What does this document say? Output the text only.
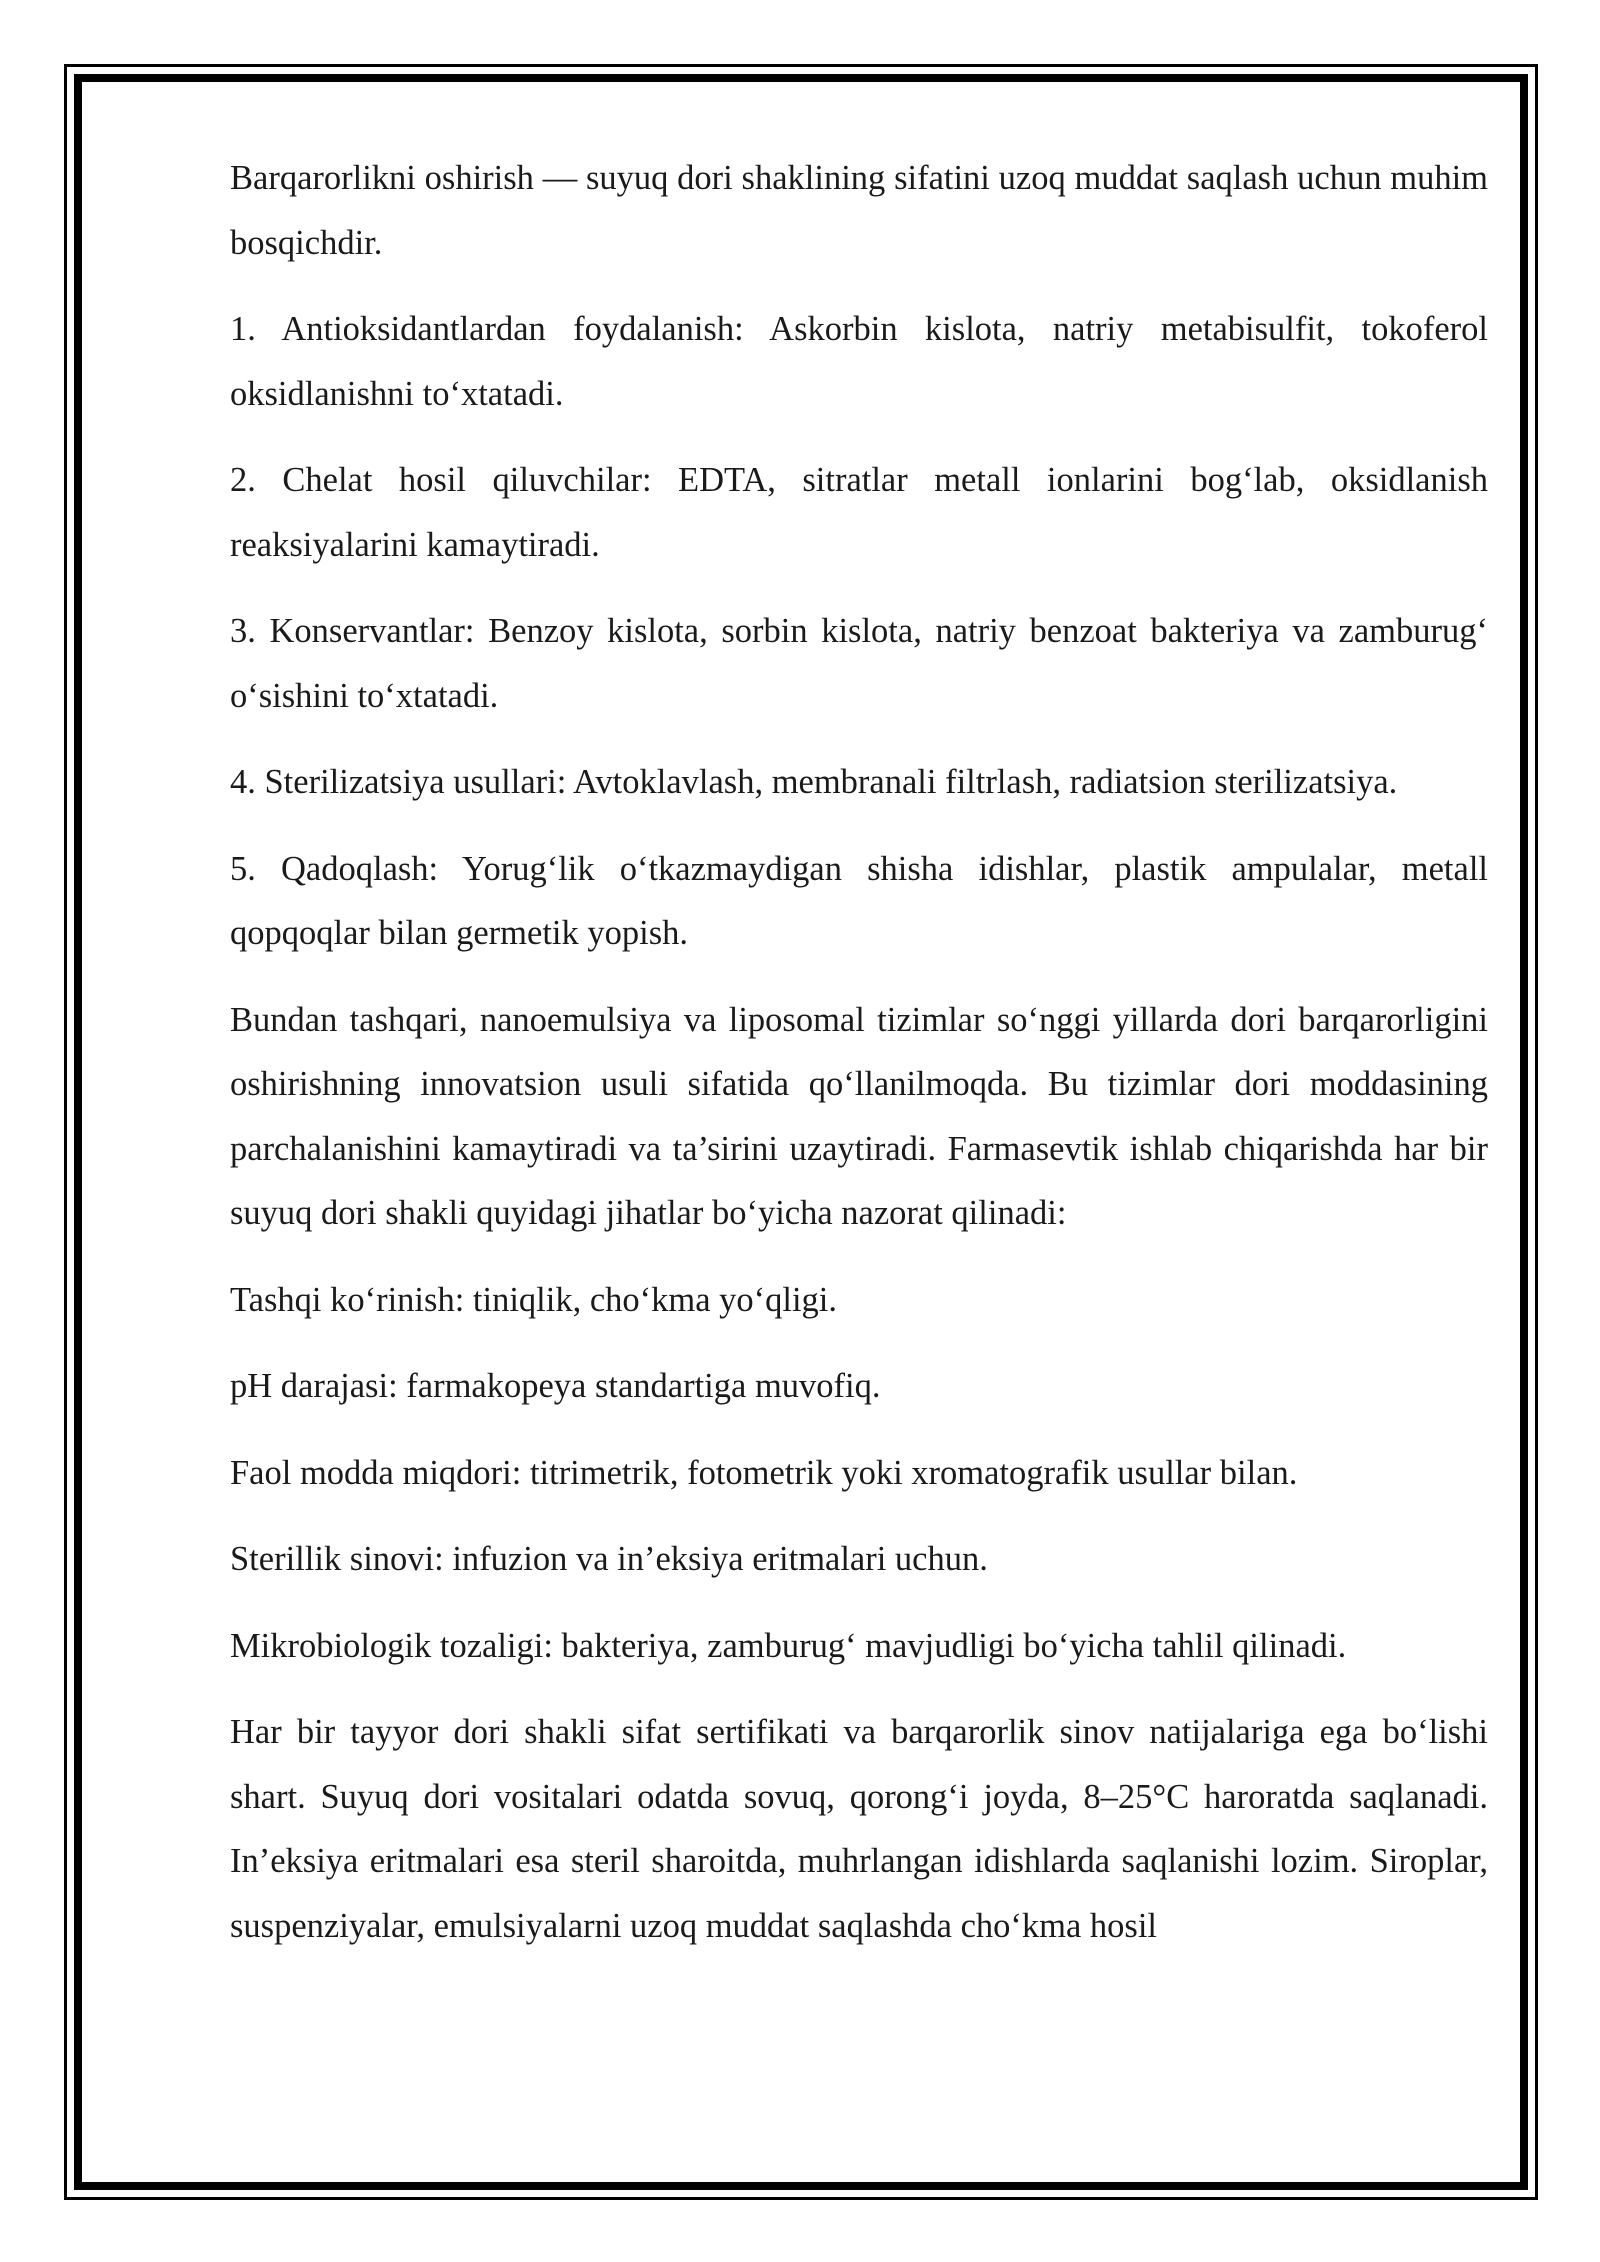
Barqarorlikni oshirish — suyuq dori shaklining sifatini uzoq muddat saqlash uchun muhim bosqichdir.

1. Antioksidantlardan foydalanish: Askorbin kislota, natriy metabisulfit, tokoferol oksidlanishni to‘xtatadi.

2. Chelat hosil qiluvchilar: EDTA, sitratlar metall ionlarini bog‘lab, oksidlanish reaksiyalarini kamaytiradi.

3. Konservantlar: Benzoy kislota, sorbin kislota, natriy benzoat bakteriya va zamburug‘ o‘sishini to‘xtatadi.

4. Sterilizatsiya usullari: Avtoklavlash, membranali filtrlash, radiatsion sterilizatsiya.

5. Qadoqlash: Yorug‘lik o‘tkazmaydigan shisha idishlar, plastik ampulalar, metall qopqoqlar bilan germetik yopish.

Bundan tashqari, nanoemulsiya va liposomal tizimlar so‘nggi yillarda dori barqarorligini oshirishning innovatsion usuli sifatida qo‘llanilmoqda. Bu tizimlar dori moddasining parchalanishini kamaytiradi va ta’sirini uzaytiradi. Farmasevtik ishlab chiqarishda har bir suyuq dori shakli quyidagi jihatlar bo‘yicha nazorat qilinadi:

Tashqi ko‘rinish: tiniqlik, cho‘kma yo‘qligi.

pH darajasi: farmakopeya standartiga muvofiq.

Faol modda miqdori: titrimetrik, fotometrik yoki xromatografik usullar bilan.

Sterillik sinovi: infuzion va in’eksiya eritmalari uchun.

Mikrobiologik tozaligi: bakteriya, zamburug‘ mavjudligi bo‘yicha tahlil qilinadi.

Har bir tayyor dori shakli sifat sertifikati va barqarorlik sinov natijalariga ega bo‘lishi shart. Suyuq dori vositalari odatda sovuq, qorong‘i joyda, 8–25°C haroratda saqlanadi. In’eksiya eritmalari esa steril sharoitda, muhrlangan idishlarda saqlanishi lozim. Siroplar, suspenziyalar, emulsiyalarni uzoq muddat saqlashda cho‘kma hosil
